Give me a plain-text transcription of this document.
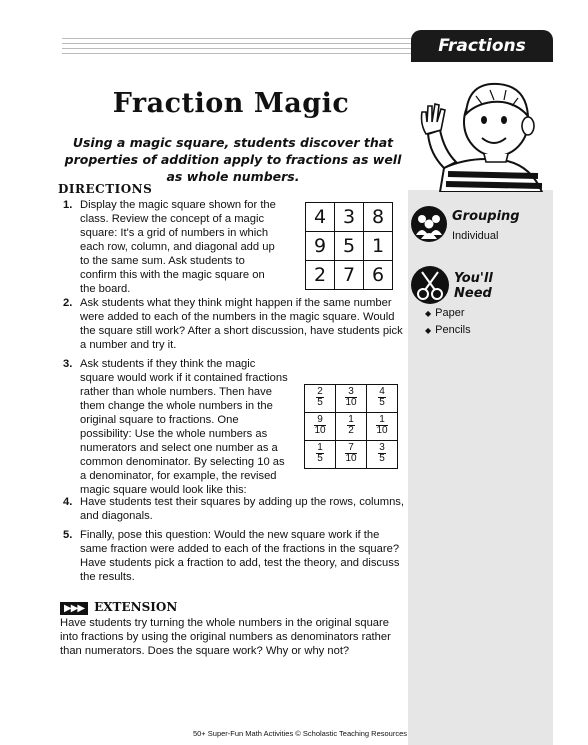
Fractions
Fraction Magic
Using a magic square, students discover that properties of addition apply to fractions as well as whole numbers.
DIRECTIONS
1. Display the magic square shown for the class. Review the concept of a magic square: It's a grid of numbers in which each row, column, and diagonal add up to the same sum. Ask students to confirm this with the magic square on the board.
4	3	8
9	5	1
2	7	6
2. Ask students what they think might happen if the same number were added to each of the numbers in the magic square. Would the square still work? After a short discussion, have students pick a number and try it.
3. Ask students if they think the magic square would work if it contained fractions rather than whole numbers. Then have them change the whole numbers in the original square to fractions. One possibility: Use the whole numbers as numerators and select one number as a common denominator. By selecting 10 as a denominator, for example, the revised magic square would look like this:
$\frac{2}{5}$	$\frac{3}{10}$	$\frac{4}{5}$

$\frac{9}{10}$	$\frac{1}{2}$	$\frac{1}{10}$

$\frac{1}{5}$	$\frac{7}{10}$	$\frac{3}{5}$
4. Have students test their squares by adding up the rows, columns, and diagonals.
5. Finally, pose this question: Would the new square work if the same fraction were added to each of the fractions in the square? Have students pick a fraction to add, test the theory, and discuss the results.
▶▶▶ EXTENSION
Have students try turning the whole numbers in the original square into fractions by using the original numbers as denominators rather than numerators. Does the square work? Why or why not?
Grouping
Individual
You'll
Need
◆ Paper
◆ Pencils
50+ Super-Fun Math Activities © Scholastic Teaching Resources
